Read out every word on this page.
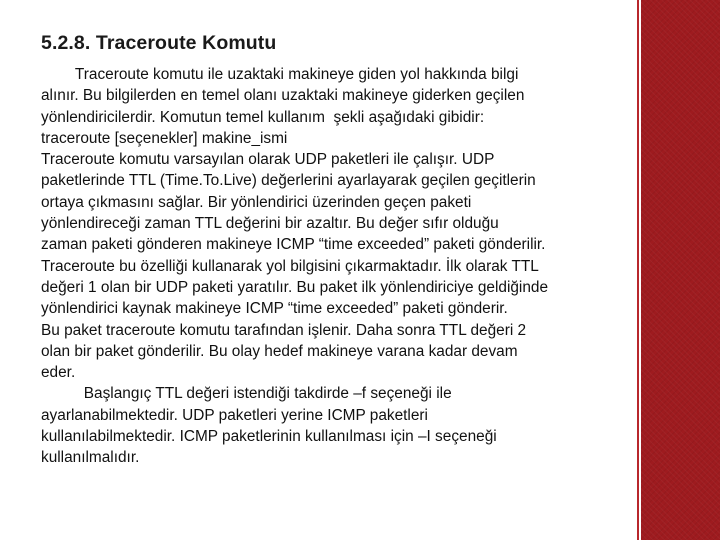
5.2.8. Traceroute Komutu
Traceroute komutu ile uzaktaki makineye giden yol hakkında bilgi
alınır. Bu bilgilerden en temel olanı uzaktaki makineye giderken geçilen
yönlendiricilerdir. Komutun temel kullanım  şekli aşağıdaki gibidir:
traceroute [seçenekler] makine_ismi
Traceroute komutu varsayılan olarak UDP paketleri ile çalışır. UDP
paketlerinde TTL (Time.To.Live) değerlerini ayarlayarak geçilen geçitlerin
ortaya çıkmasını sağlar. Bir yönlendirici üzerinden geçen paketi
yönlendireceği zaman TTL değerini bir azaltır. Bu değer sıfır olduğu
zaman paketi gönderen makineye ICMP “time exceeded” paketi gönderilir.
Traceroute bu özelliği kullanarak yol bilgisini çıkarmaktadır. İlk olarak TTL
değeri 1 olan bir UDP paketi yaratılır. Bu paket ilk yönlendiriciye geldiğinde
yönlendirici kaynak makineye ICMP “time exceeded” paketi gönderir.
Bu paket traceroute komutu tarafından işlenir. Daha sonra TTL değeri 2
olan bir paket gönderilir. Bu olay hedef makineye varana kadar devam
eder.
Başlangıç TTL değeri istendiği takdirde –f seçeneği ile
ayarlanabilmektedir. UDP paketleri yerine ICMP paketleri
kullanılabilmektedir. ICMP paketlerinin kullanılması için –I seçeneği
kullanılmalıdır.
